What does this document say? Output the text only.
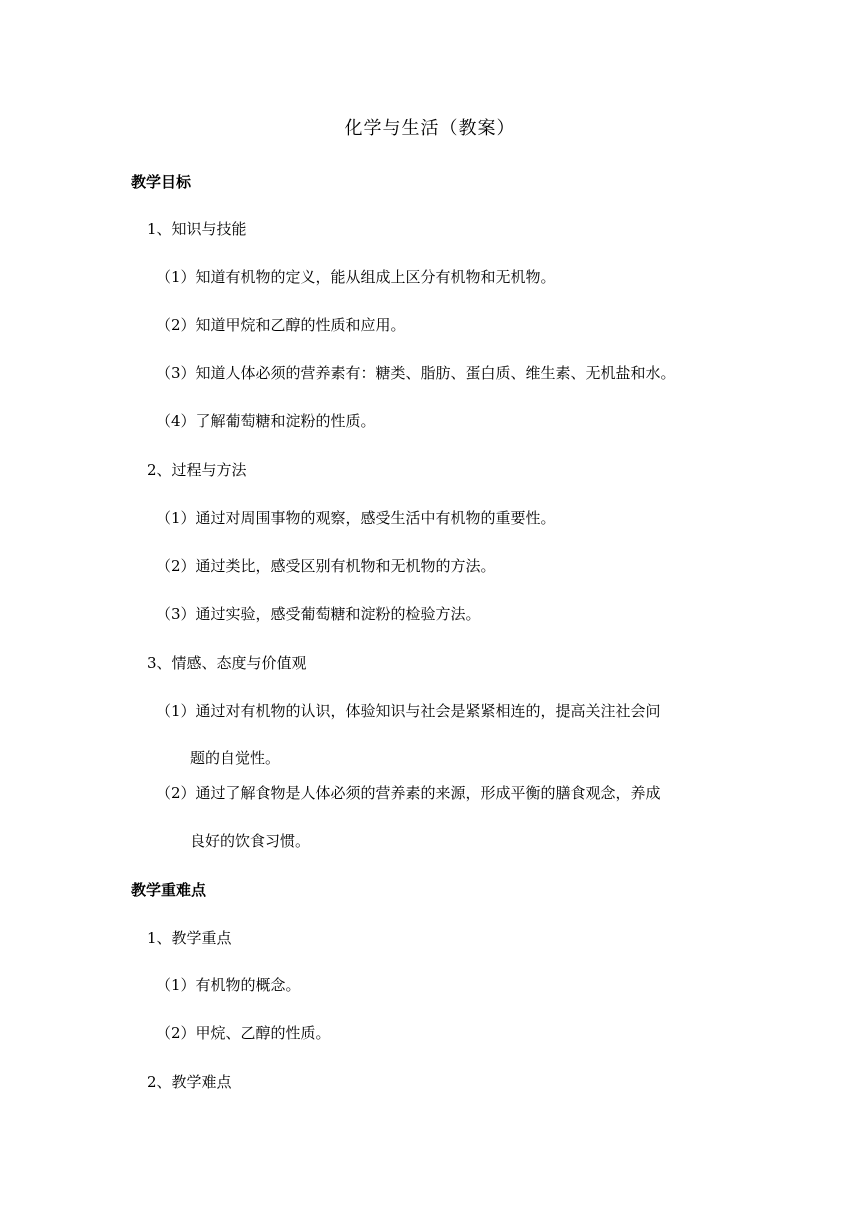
化学与生活（教案）
教学目标
1、知识与技能
（1）知道有机物的定义，能从组成上区分有机物和无机物。
（2）知道甲烷和乙醇的性质和应用。
（3）知道人体必须的营养素有：糖类、脂肪、蛋白质、维生素、无机盐和水。
（4）了解葡萄糖和淀粉的性质。
2、过程与方法
（1）通过对周围事物的观察，感受生活中有机物的重要性。
（2）通过类比，感受区别有机物和无机物的方法。
（3）通过实验，感受葡萄糖和淀粉的检验方法。
3、情感、态度与价值观
（1）通过对有机物的认识，体验知识与社会是紧紧相连的，提高关注社会问
题的自觉性。
（2）通过了解食物是人体必须的营养素的来源，形成平衡的膳食观念，养成
良好的饮食习惯。
教学重难点
1、教学重点
（1）有机物的概念。
（2）甲烷、乙醇的性质。
2、教学难点
